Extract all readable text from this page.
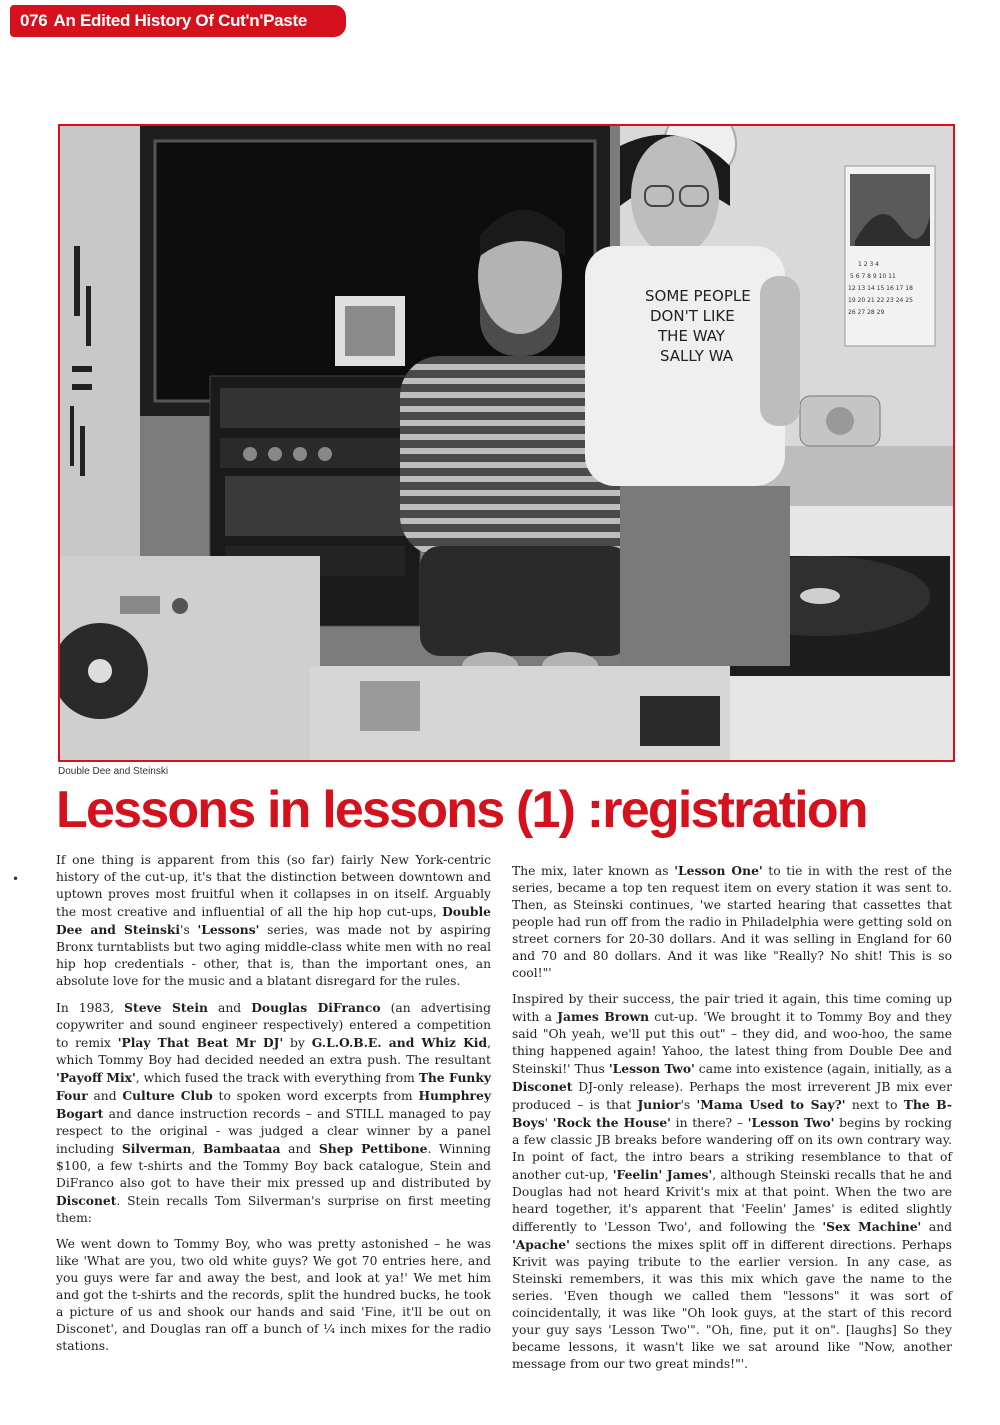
076 An Edited History Of Cut'n'Paste
1 2 3 4
5 6 7 8 9 10 11
12 13 14 15 16 17 18
19 20 21 22 23 24 25
26 27 28 29
SOME PEOPLE
DON'T LIKE
THE WAY
SALLY WA
Double Dee and Steinski
Lessons in lessons (1) :registration
•

If one thing is apparent from this (so far) fairly New York-centric history of the cut-up, it's that the distinction between downtown and uptown proves most fruitful when it collapses in on itself. Arguably the most creative and influential of all the hip hop cut-ups, Double Dee and Steinski's 'Lessons' series, was made not by aspiring Bronx turntablists but two aging middle-class white men with no real hip hop credentials - other, that is, than the important ones, an absolute love for the music and a blatant disregard for the rules.

In 1983, Steve Stein and Douglas DiFranco (an advertising copywriter and sound engineer respectively) entered a competition to remix 'Play That Beat Mr DJ' by G.L.O.B.E. and Whiz Kid, which Tommy Boy had decided needed an extra push. The resultant 'Payoff Mix', which fused the track with everything from The Funky Four and Culture Club to spoken word excerpts from Humphrey Bogart and dance instruction records – and STILL managed to pay respect to the original - was judged a clear winner by a panel including Silverman, Bambaataa and Shep Pettibone. Winning $100, a few t-shirts and the Tommy Boy back catalogue, Stein and DiFranco also got to have their mix pressed up and distributed by Disconet. Stein recalls Tom Silverman's surprise on first meeting them:

We went down to Tommy Boy, who was pretty astonished – he was like 'What are you, two old white guys? We got 70 entries here, and you guys were far and away the best, and look at ya!' We met him and got the t-shirts and the records, split the hundred bucks, he took a picture of us and shook our hands and said 'Fine, it'll be out on Disconet', and Douglas ran off a bunch of ¼ inch mixes for the radio stations.

The mix, later known as 'Lesson One' to tie in with the rest of the series, became a top ten request item on every station it was sent to. Then, as Steinski continues, 'we started hearing that cassettes that people had run off from the radio in Philadelphia were getting sold on street corners for 20-30 dollars. And it was selling in England for 60 and 70 and 80 dollars. And it was like "Really? No shit! This is so cool!"'

Inspired by their success, the pair tried it again, this time coming up with a James Brown cut-up. 'We brought it to Tommy Boy and they said "Oh yeah, we'll put this out" – they did, and woo-hoo, the same thing happened again! Yahoo, the latest thing from Double Dee and Steinski!' Thus 'Lesson Two' came into existence (again, initially, as a Disconet DJ-only release). Perhaps the most irreverent JB mix ever produced – is that Junior's 'Mama Used to Say?' next to The B-Boys' 'Rock the House' in there? – 'Lesson Two' begins by rocking a few classic JB breaks before wandering off on its own contrary way. In point of fact, the intro bears a striking resemblance to that of another cut-up, 'Feelin' James', although Steinski recalls that he and Douglas had not heard Krivit's mix at that point. When the two are heard together, it's apparent that 'Feelin' James' is edited slightly differently to 'Lesson Two', and following the 'Sex Machine' and 'Apache' sections the mixes split off in different directions. Perhaps Krivit was paying tribute to the earlier version. In any case, as Steinski remembers, it was this mix which gave the name to the series. 'Even though we called them "lessons" it was sort of coincidentally, it was like "Oh look guys, at the start of this record your guy says 'Lesson Two'". "Oh, fine, put it on". [laughs] So they became lessons, it wasn't like we sat around like "Now, another message from our two great minds!"'.
